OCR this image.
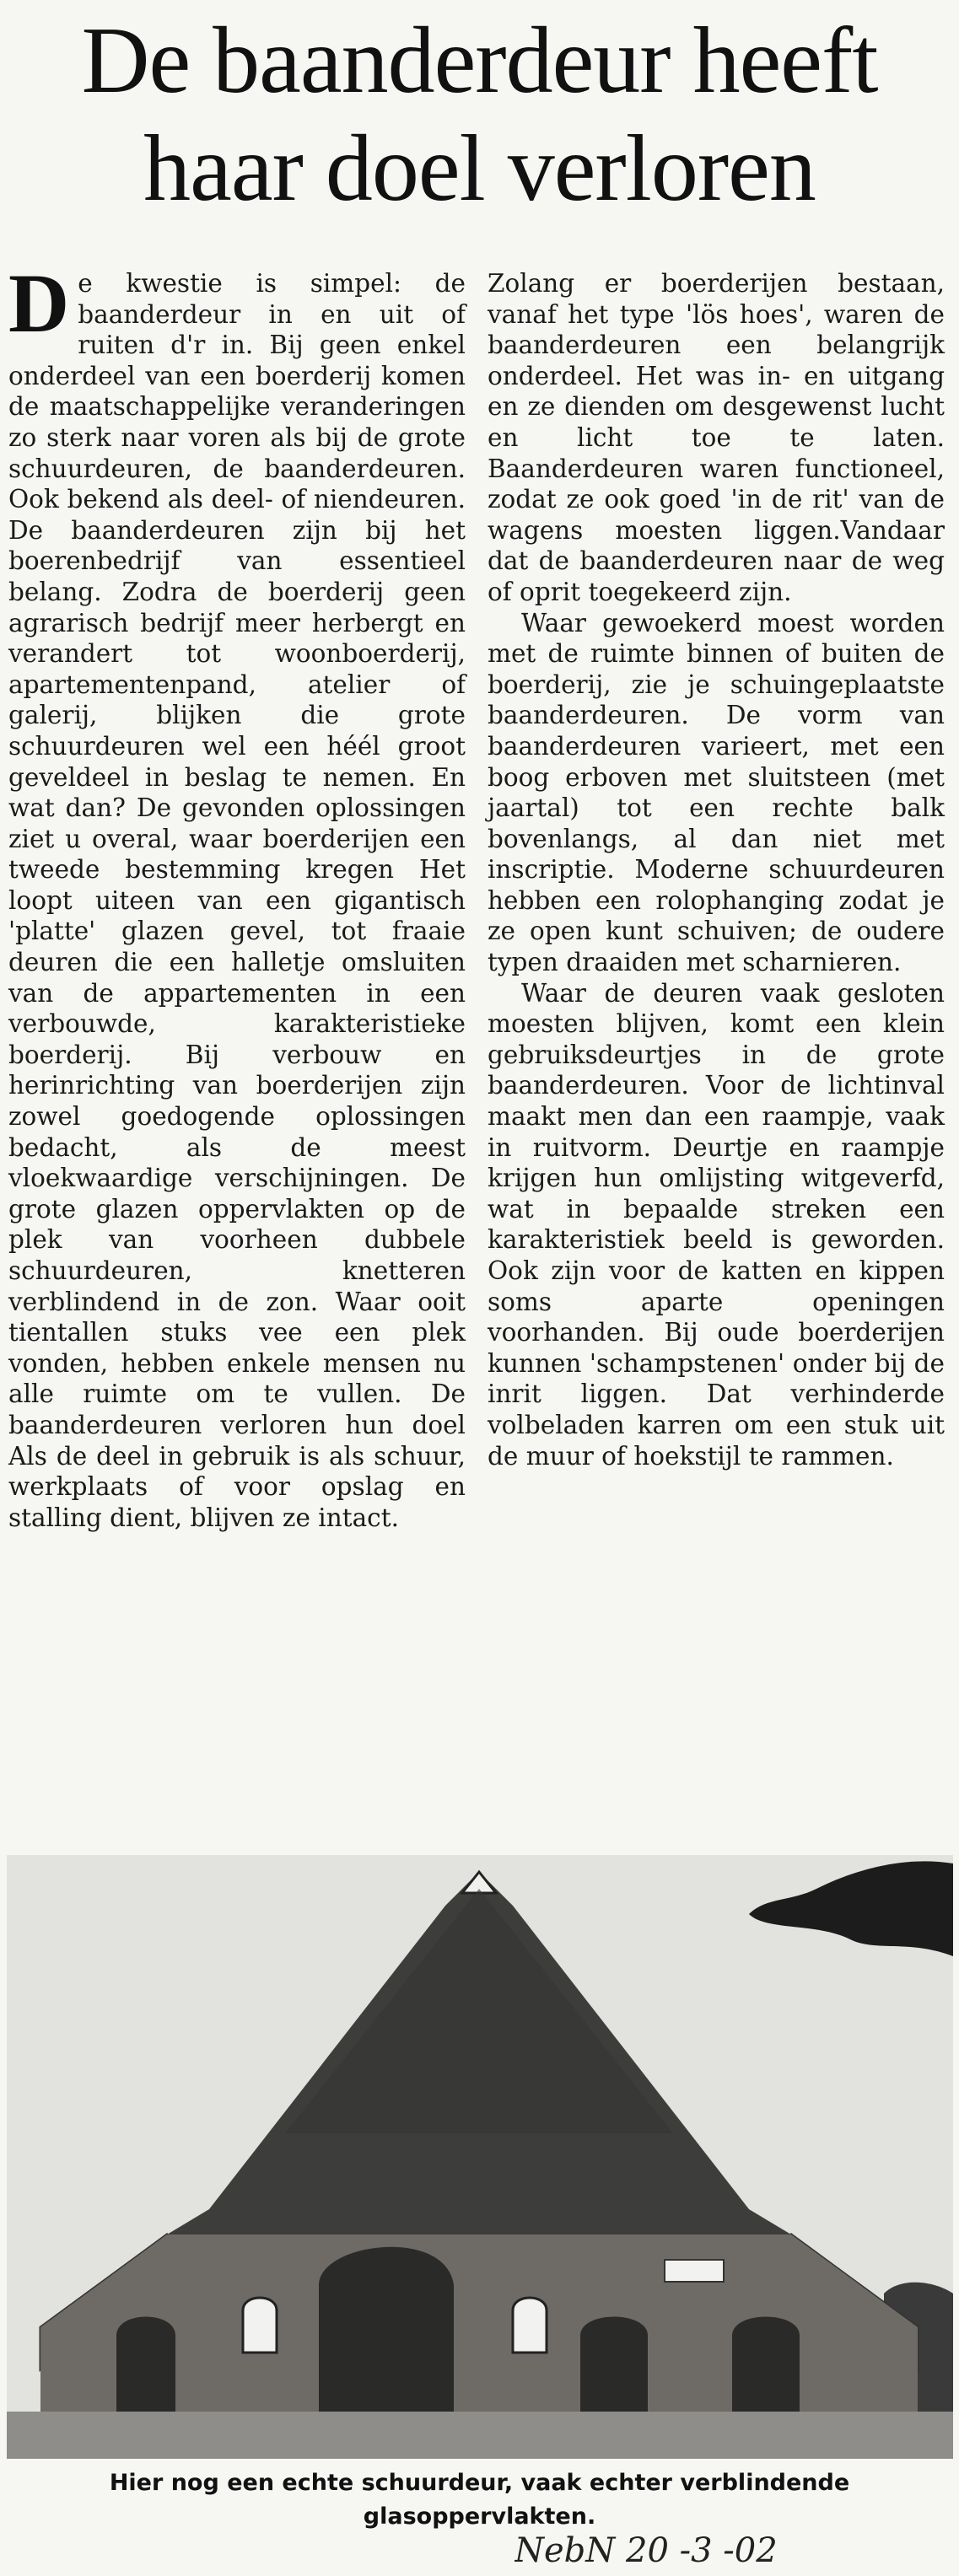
De baanderdeur heeft
haar doel verloren

De kwestie is simpel: de baanderdeur in en uit of ruiten d'r in. Bij geen enkel onderdeel van een boerderij komen de maatschappelijke veranderingen zo sterk naar voren als bij de grote schuurdeuren, de baanderdeuren. Ook bekend als deel- of niendeuren. De baanderdeuren zijn bij het boerenbedrijf van essentieel belang. Zodra de boerderij geen agrarisch bedrijf meer herbergt en verandert tot woonboerderij, apartementenpand, atelier of galerij, blijken die grote schuurdeuren wel een héél groot geveldeel in beslag te nemen. En wat dan? De gevonden oplossingen ziet u overal, waar boerderijen een tweede bestemming kregen Het loopt uiteen van een gigantisch 'platte' glazen gevel, tot fraaie deuren die een halletje omsluiten van de appartementen in een verbouwde, karakteristieke boerderij. Bij verbouw en herinrichting van boerderijen zijn zowel goedogende oplossingen bedacht, als de meest vloekwaardige verschijningen. De grote glazen oppervlakten op de plek van voorheen dubbele schuurdeuren, knetteren verblindend in de zon. Waar ooit tientallen stuks vee een plek vonden, hebben enkele mensen nu alle ruimte om te vullen. De baanderdeuren verloren hun doel Als de deel in gebruik is als schuur, werkplaats of voor opslag en stalling dient, blijven ze intact.

Zolang er boerderijen bestaan, vanaf het type 'lös hoes', waren de baanderdeuren een belangrijk onderdeel. Het was in- en uitgang en ze dienden om desgewenst lucht en licht toe te laten. Baanderdeuren waren functioneel, zodat ze ook goed 'in de rit' van de wagens moesten liggen.Vandaar dat de baanderdeuren naar de weg of oprit toegekeerd zijn.

Waar gewoekerd moest worden met de ruimte binnen of buiten de boerderij, zie je schuingeplaatste baanderdeuren. De vorm van baanderdeuren varieert, met een boog erboven met sluitsteen (met jaartal) tot een rechte balk bovenlangs, al dan niet met inscriptie. Moderne schuurdeuren hebben een rolophanging zodat je ze open kunt schuiven; de oudere typen draaiden met scharnieren.

Waar de deuren vaak gesloten moesten blijven, komt een klein gebruiksdeurtjes in de grote baanderdeuren. Voor de lichtinval maakt men dan een raampje, vaak in ruitvorm. Deurtje en raampje krijgen hun omlijsting witgeverfd, wat in bepaalde streken een karakteristiek beeld is geworden. Ook zijn voor de katten en kippen soms aparte openingen voorhanden. Bij oude boerderijen kunnen 'schampstenen' onder bij de inrit liggen. Dat verhinderde volbeladen karren om een stuk uit de muur of hoekstijl te rammen.

Hier nog een echte schuurdeur, vaak echter verblindende
glasoppervlakten.

NebN 20 -3 -02
